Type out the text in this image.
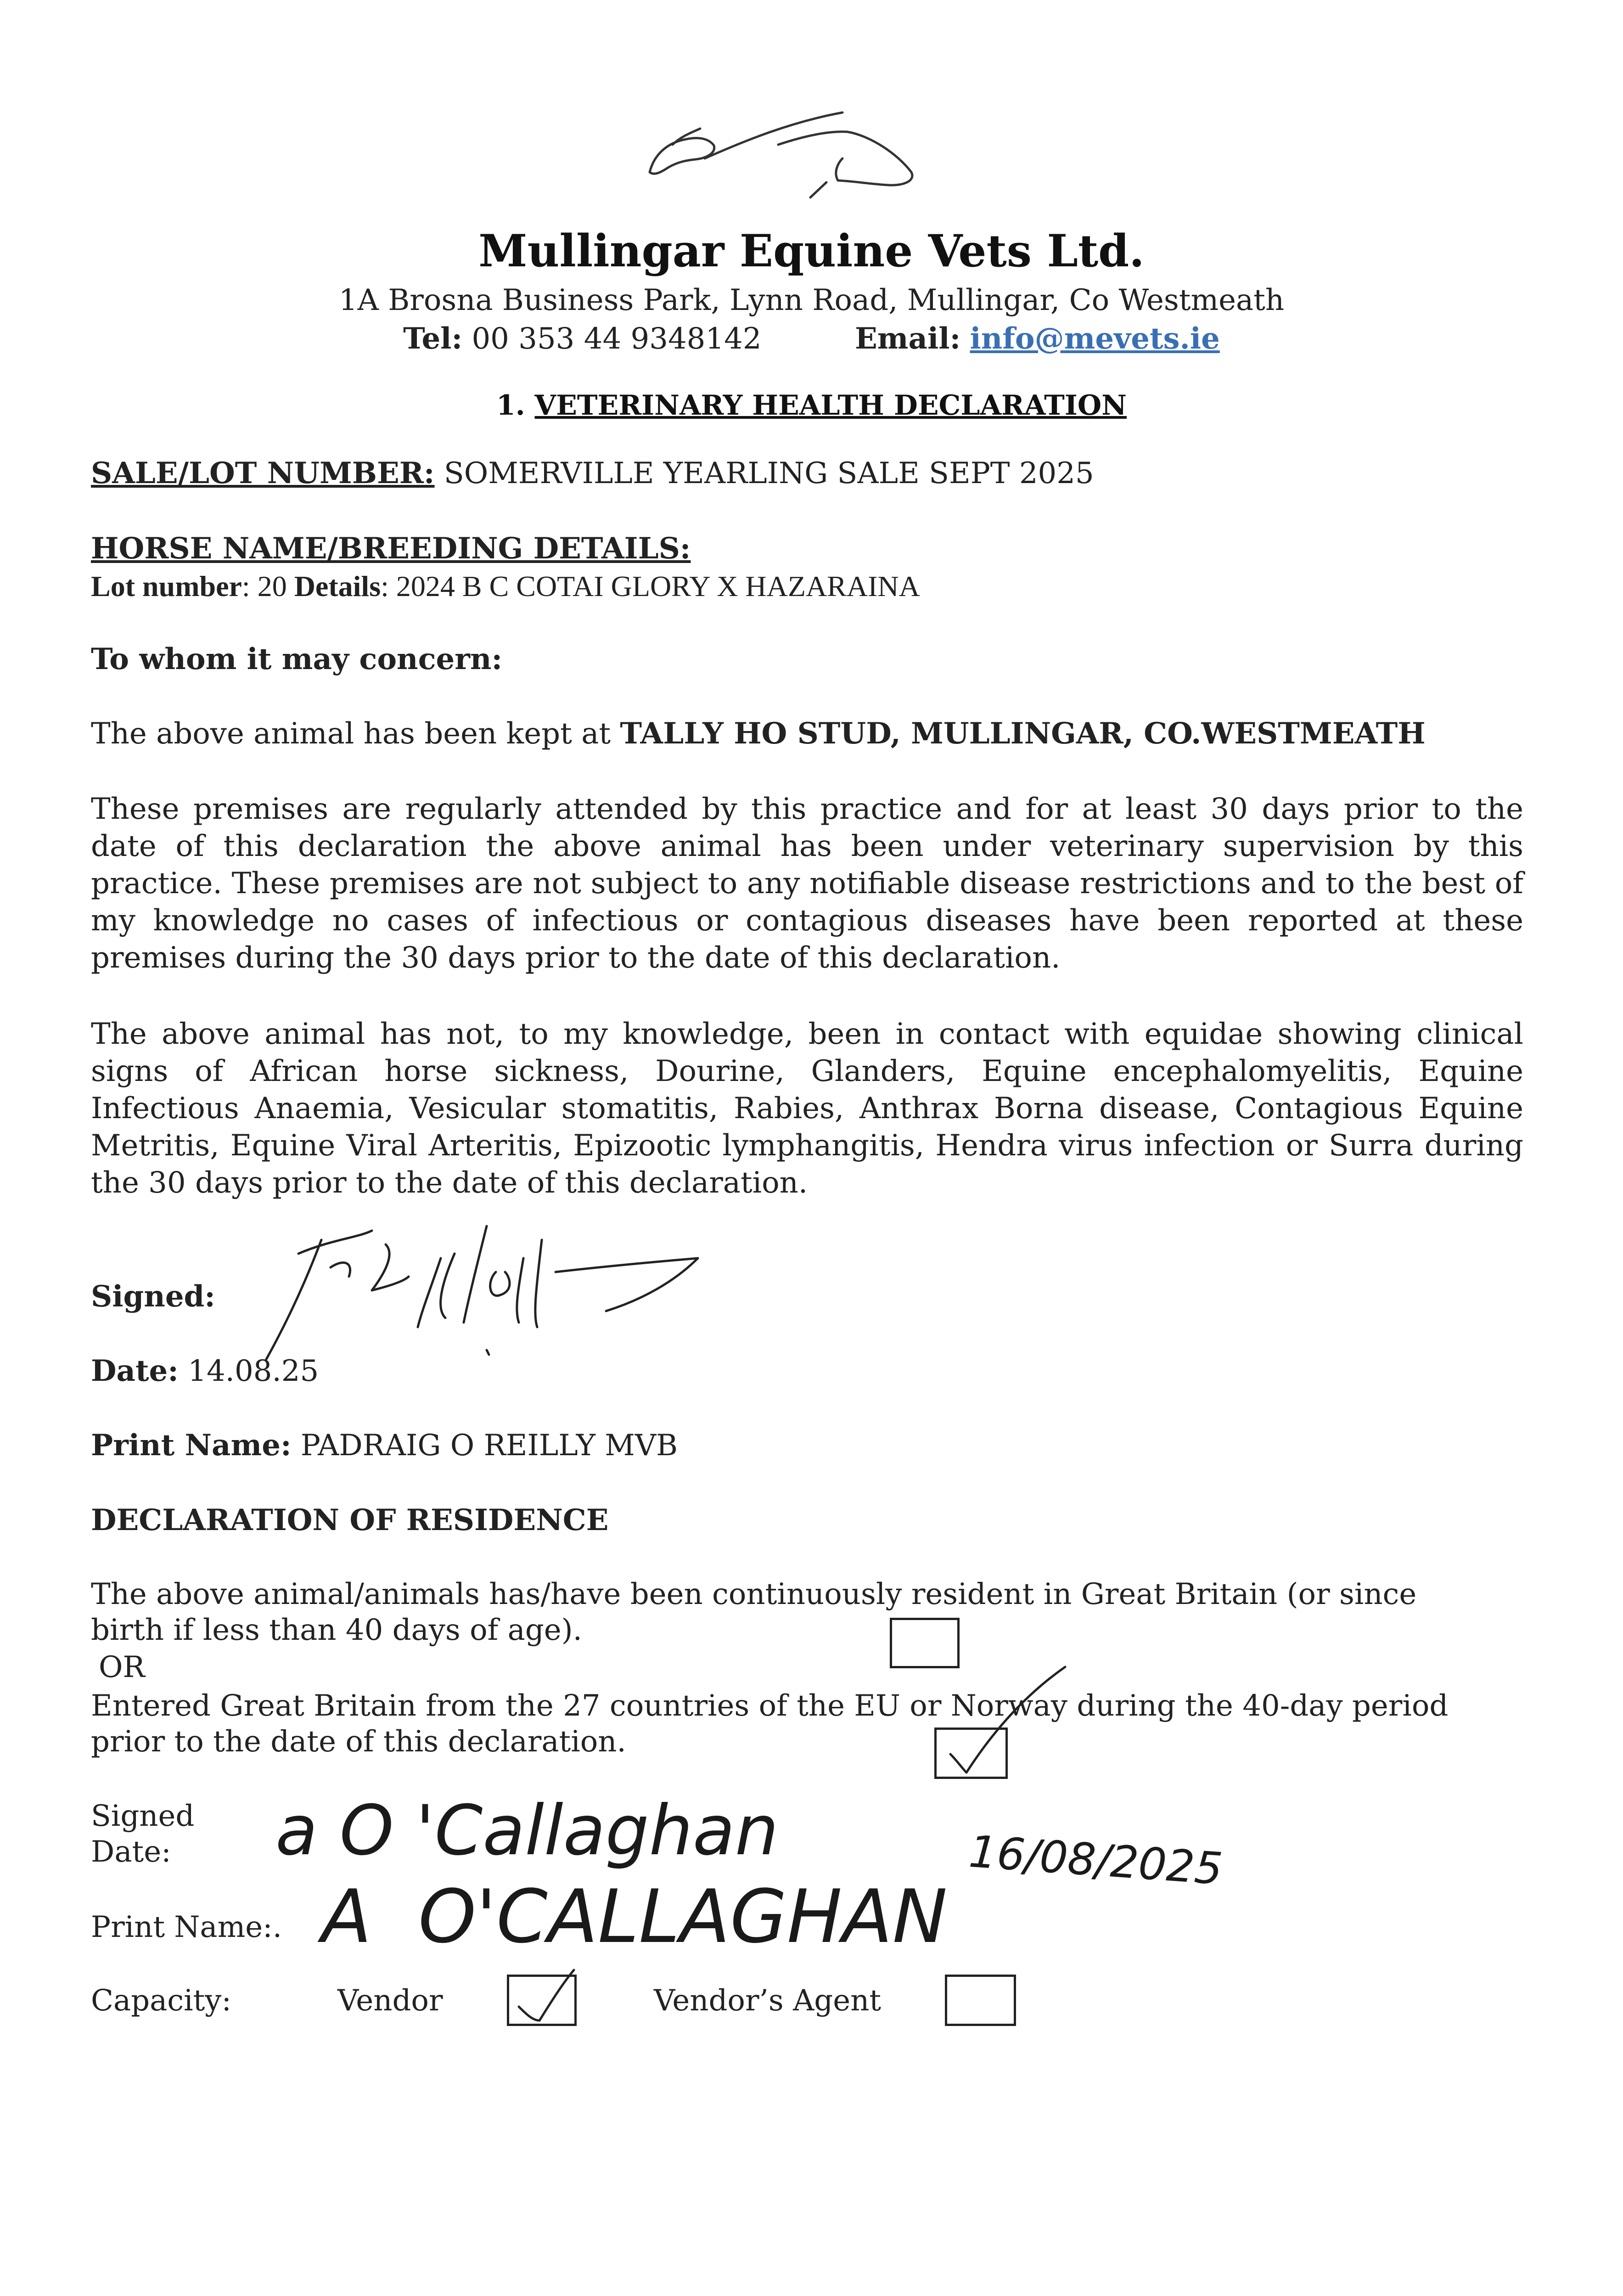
Mullingar Equine Vets Ltd.
1A Brosna Business Park, Lynn Road, Mullingar, Co Westmeath
Tel: 00 353 44 9348142	Email: info@mevets.ie
1. VETERINARY HEALTH DECLARATION
SALE/LOT NUMBER: SOMERVILLE YEARLING SALE SEPT 2025
HORSE NAME/BREEDING DETAILS:
Lot number: 20 Details: 2024 B C COTAI GLORY X HAZARAINA
To whom it may concern:
The above animal has been kept at TALLY HO STUD, MULLINGAR, CO.WESTMEATH
These premises are regularly attended by this practice and for at least 30 days prior to the date of this declaration the above animal has been under veterinary supervision by this practice. These premises are not subject to any notifiable disease restrictions and to the best of my knowledge no cases of infectious or contagious diseases have been reported at these premises during the 30 days prior to the date of this declaration.
The above animal has not, to my knowledge, been in contact with equidae showing clinical signs of African horse sickness, Dourine, Glanders, Equine encephalomyelitis, Equine Infectious Anaemia, Vesicular stomatitis, Rabies, Anthrax Borna disease, Contagious Equine Metritis, Equine Viral Arteritis, Epizootic lymphangitis, Hendra virus infection or Surra during the 30 days prior to the date of this declaration.
Signed:
Date: 14.08.25
Print Name: PADRAIG O REILLY MVB
DECLARATION OF RESIDENCE
The above animal/animals has/have been continuously resident in Great Britain (or since
birth if less than 40 days of age).
OR
Entered Great Britain from the 27 countries of the EU or Norway during the 40-day period
prior to the date of this declaration.
Signed
Date: a O 'Callaghan	16/08/2025
Print Name:. A  O'CALLAGHAN
Capacity:	Vendor	Vendor’s Agent
